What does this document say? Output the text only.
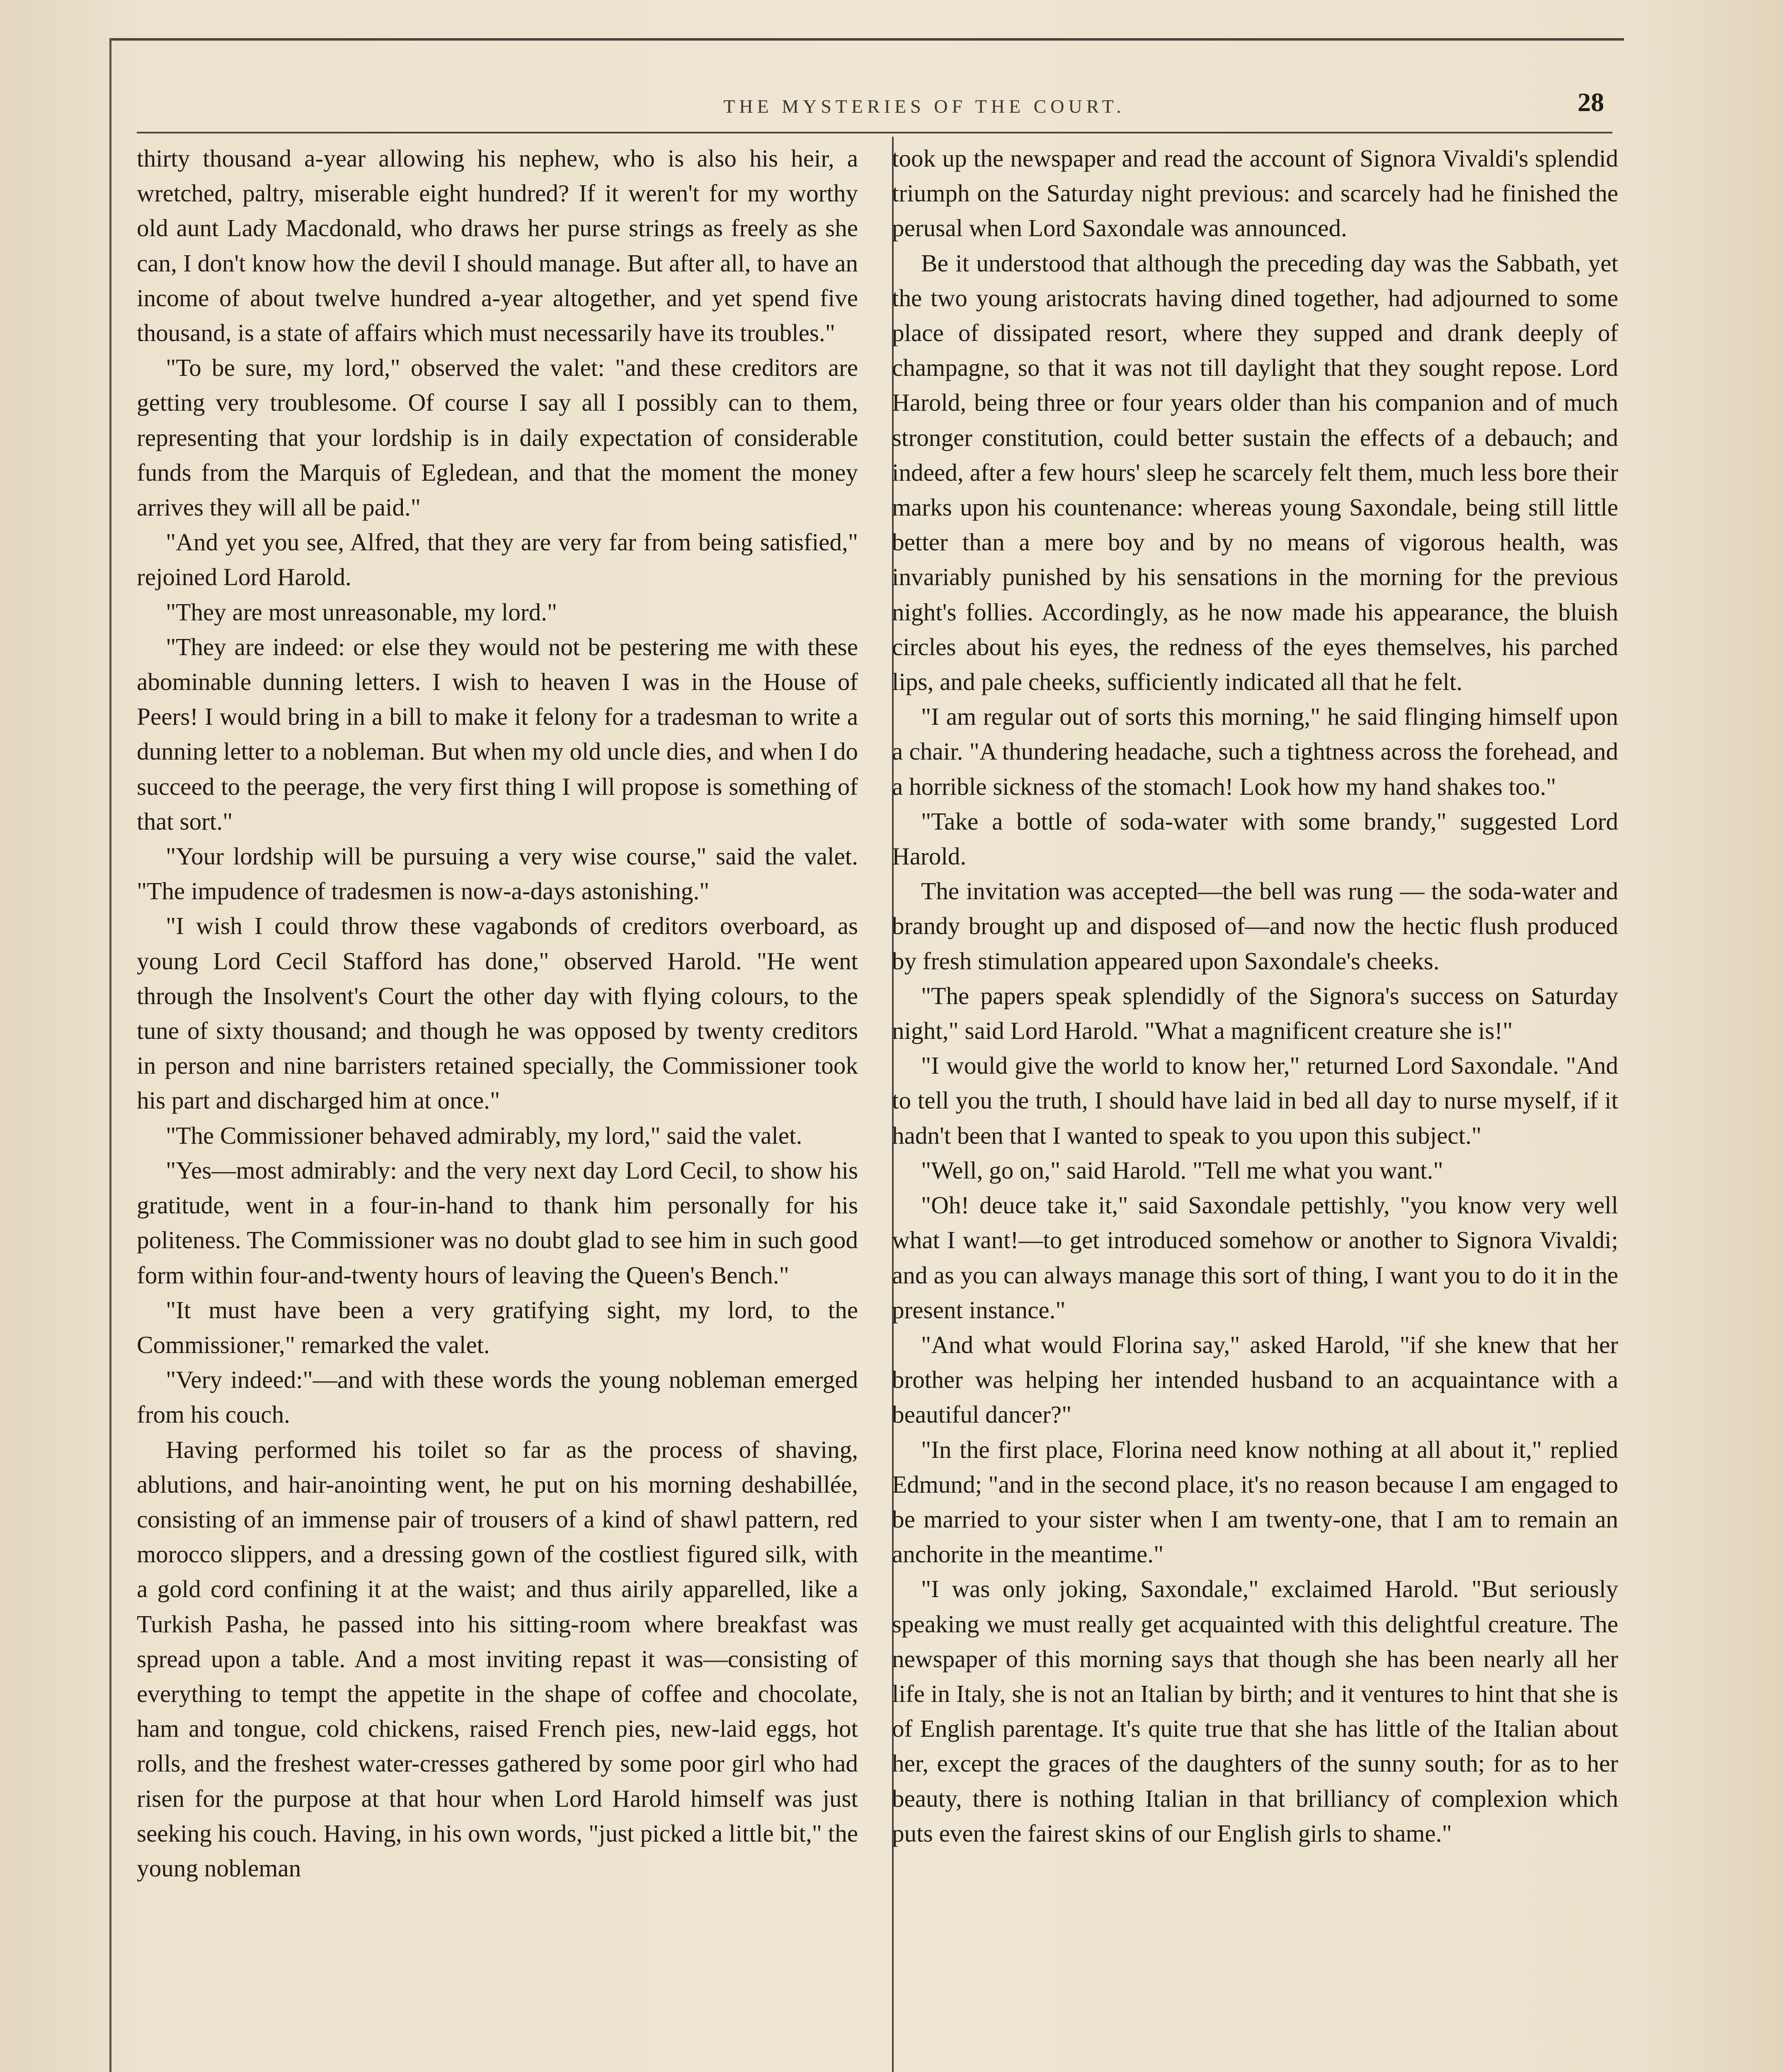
THE MYSTERIES OF THE COURT.	28

thirty thousand a-year allowing his nephew, who is also his heir, a wretched, paltry, miserable eight hundred? If it weren't for my worthy old aunt Lady Macdonald, who draws her purse strings as freely as she can, I don't know how the devil I should manage. But after all, to have an income of about twelve hundred a-year altogether, and yet spend five thousand, is a state of affairs which must necessarily have its troubles."

"To be sure, my lord," observed the valet: "and these creditors are getting very troublesome. Of course I say all I possibly can to them, representing that your lordship is in daily expectation of considerable funds from the Marquis of Egledean, and that the moment the money arrives they will all be paid."

"And yet you see, Alfred, that they are very far from being satisfied," rejoined Lord Harold.

"They are most unreasonable, my lord."

"They are indeed: or else they would not be pestering me with these abominable dunning letters. I wish to heaven I was in the House of Peers! I would bring in a bill to make it felony for a tradesman to write a dunning letter to a nobleman. But when my old uncle dies, and when I do succeed to the peerage, the very first thing I will propose is something of that sort."

"Your lordship will be pursuing a very wise course," said the valet. "The impudence of tradesmen is now-a-days astonishing."

"I wish I could throw these vagabonds of creditors overboard, as young Lord Cecil Stafford has done," observed Harold. "He went through the Insolvent's Court the other day with flying colours, to the tune of sixty thousand; and though he was opposed by twenty creditors in person and nine barristers retained specially, the Commissioner took his part and discharged him at once."

"The Commissioner behaved admirably, my lord," said the valet.

"Yes—most admirably: and the very next day Lord Cecil, to show his gratitude, went in a four-in-hand to thank him personally for his politeness. The Commissioner was no doubt glad to see him in such good form within four-and-twenty hours of leaving the Queen's Bench."

"It must have been a very gratifying sight, my lord, to the Commissioner," remarked the valet.

"Very indeed:"—and with these words the young nobleman emerged from his couch.

Having performed his toilet so far as the process of shaving, ablutions, and hair-anointing went, he put on his morning deshabillée, consisting of an immense pair of trousers of a kind of shawl pattern, red morocco slippers, and a dressing gown of the costliest figured silk, with a gold cord confining it at the waist; and thus airily apparelled, like a Turkish Pasha, he passed into his sitting-room where breakfast was spread upon a table. And a most inviting repast it was—consisting of everything to tempt the appetite in the shape of coffee and chocolate, ham and tongue, cold chickens, raised French pies, new-laid eggs, hot rolls, and the freshest water-cresses gathered by some poor girl who had risen for the purpose at that hour when Lord Harold himself was just seeking his couch. Having, in his own words, "just picked a little bit," the young nobleman

took up the newspaper and read the account of Signora Vivaldi's splendid triumph on the Saturday night previous: and scarcely had he finished the perusal when Lord Saxondale was announced.

Be it understood that although the preceding day was the Sabbath, yet the two young aristocrats having dined together, had adjourned to some place of dissipated resort, where they supped and drank deeply of champagne, so that it was not till daylight that they sought repose. Lord Harold, being three or four years older than his companion and of much stronger constitution, could better sustain the effects of a debauch; and indeed, after a few hours' sleep he scarcely felt them, much less bore their marks upon his countenance: whereas young Saxondale, being still little better than a mere boy and by no means of vigorous health, was invariably punished by his sensations in the morning for the previous night's follies. Accordingly, as he now made his appearance, the bluish circles about his eyes, the redness of the eyes themselves, his parched lips, and pale cheeks, sufficiently indicated all that he felt.

"I am regular out of sorts this morning," he said flinging himself upon a chair. "A thundering headache, such a tightness across the forehead, and a horrible sickness of the stomach! Look how my hand shakes too."

"Take a bottle of soda-water with some brandy," suggested Lord Harold.

The invitation was accepted—the bell was rung — the soda-water and brandy brought up and disposed of—and now the hectic flush produced by fresh stimulation appeared upon Saxondale's cheeks.

"The papers speak splendidly of the Signora's success on Saturday night," said Lord Harold. "What a magnificent creature she is!"

"I would give the world to know her," returned Lord Saxondale. "And to tell you the truth, I should have laid in bed all day to nurse myself, if it hadn't been that I wanted to speak to you upon this subject."

"Well, go on," said Harold. "Tell me what you want."

"Oh! deuce take it," said Saxondale pettishly, "you know very well what I want!—to get introduced somehow or another to Signora Vivaldi; and as you can always manage this sort of thing, I want you to do it in the present instance."

"And what would Florina say," asked Harold, "if she knew that her brother was helping her intended husband to an acquaintance with a beautiful dancer?"

"In the first place, Florina need know nothing at all about it," replied Edmund; "and in the second place, it's no reason because I am engaged to be married to your sister when I am twenty-one, that I am to remain an anchorite in the meantime."

"I was only joking, Saxondale," exclaimed Harold. "But seriously speaking we must really get acquainted with this delightful creature. The newspaper of this morning says that though she has been nearly all her life in Italy, she is not an Italian by birth; and it ventures to hint that she is of English parentage. It's quite true that she has little of the Italian about her, except the graces of the daughters of the sunny south; for as to her beauty, there is nothing Italian in that brilliancy of complexion which puts even the fairest skins of our English girls to shame."
